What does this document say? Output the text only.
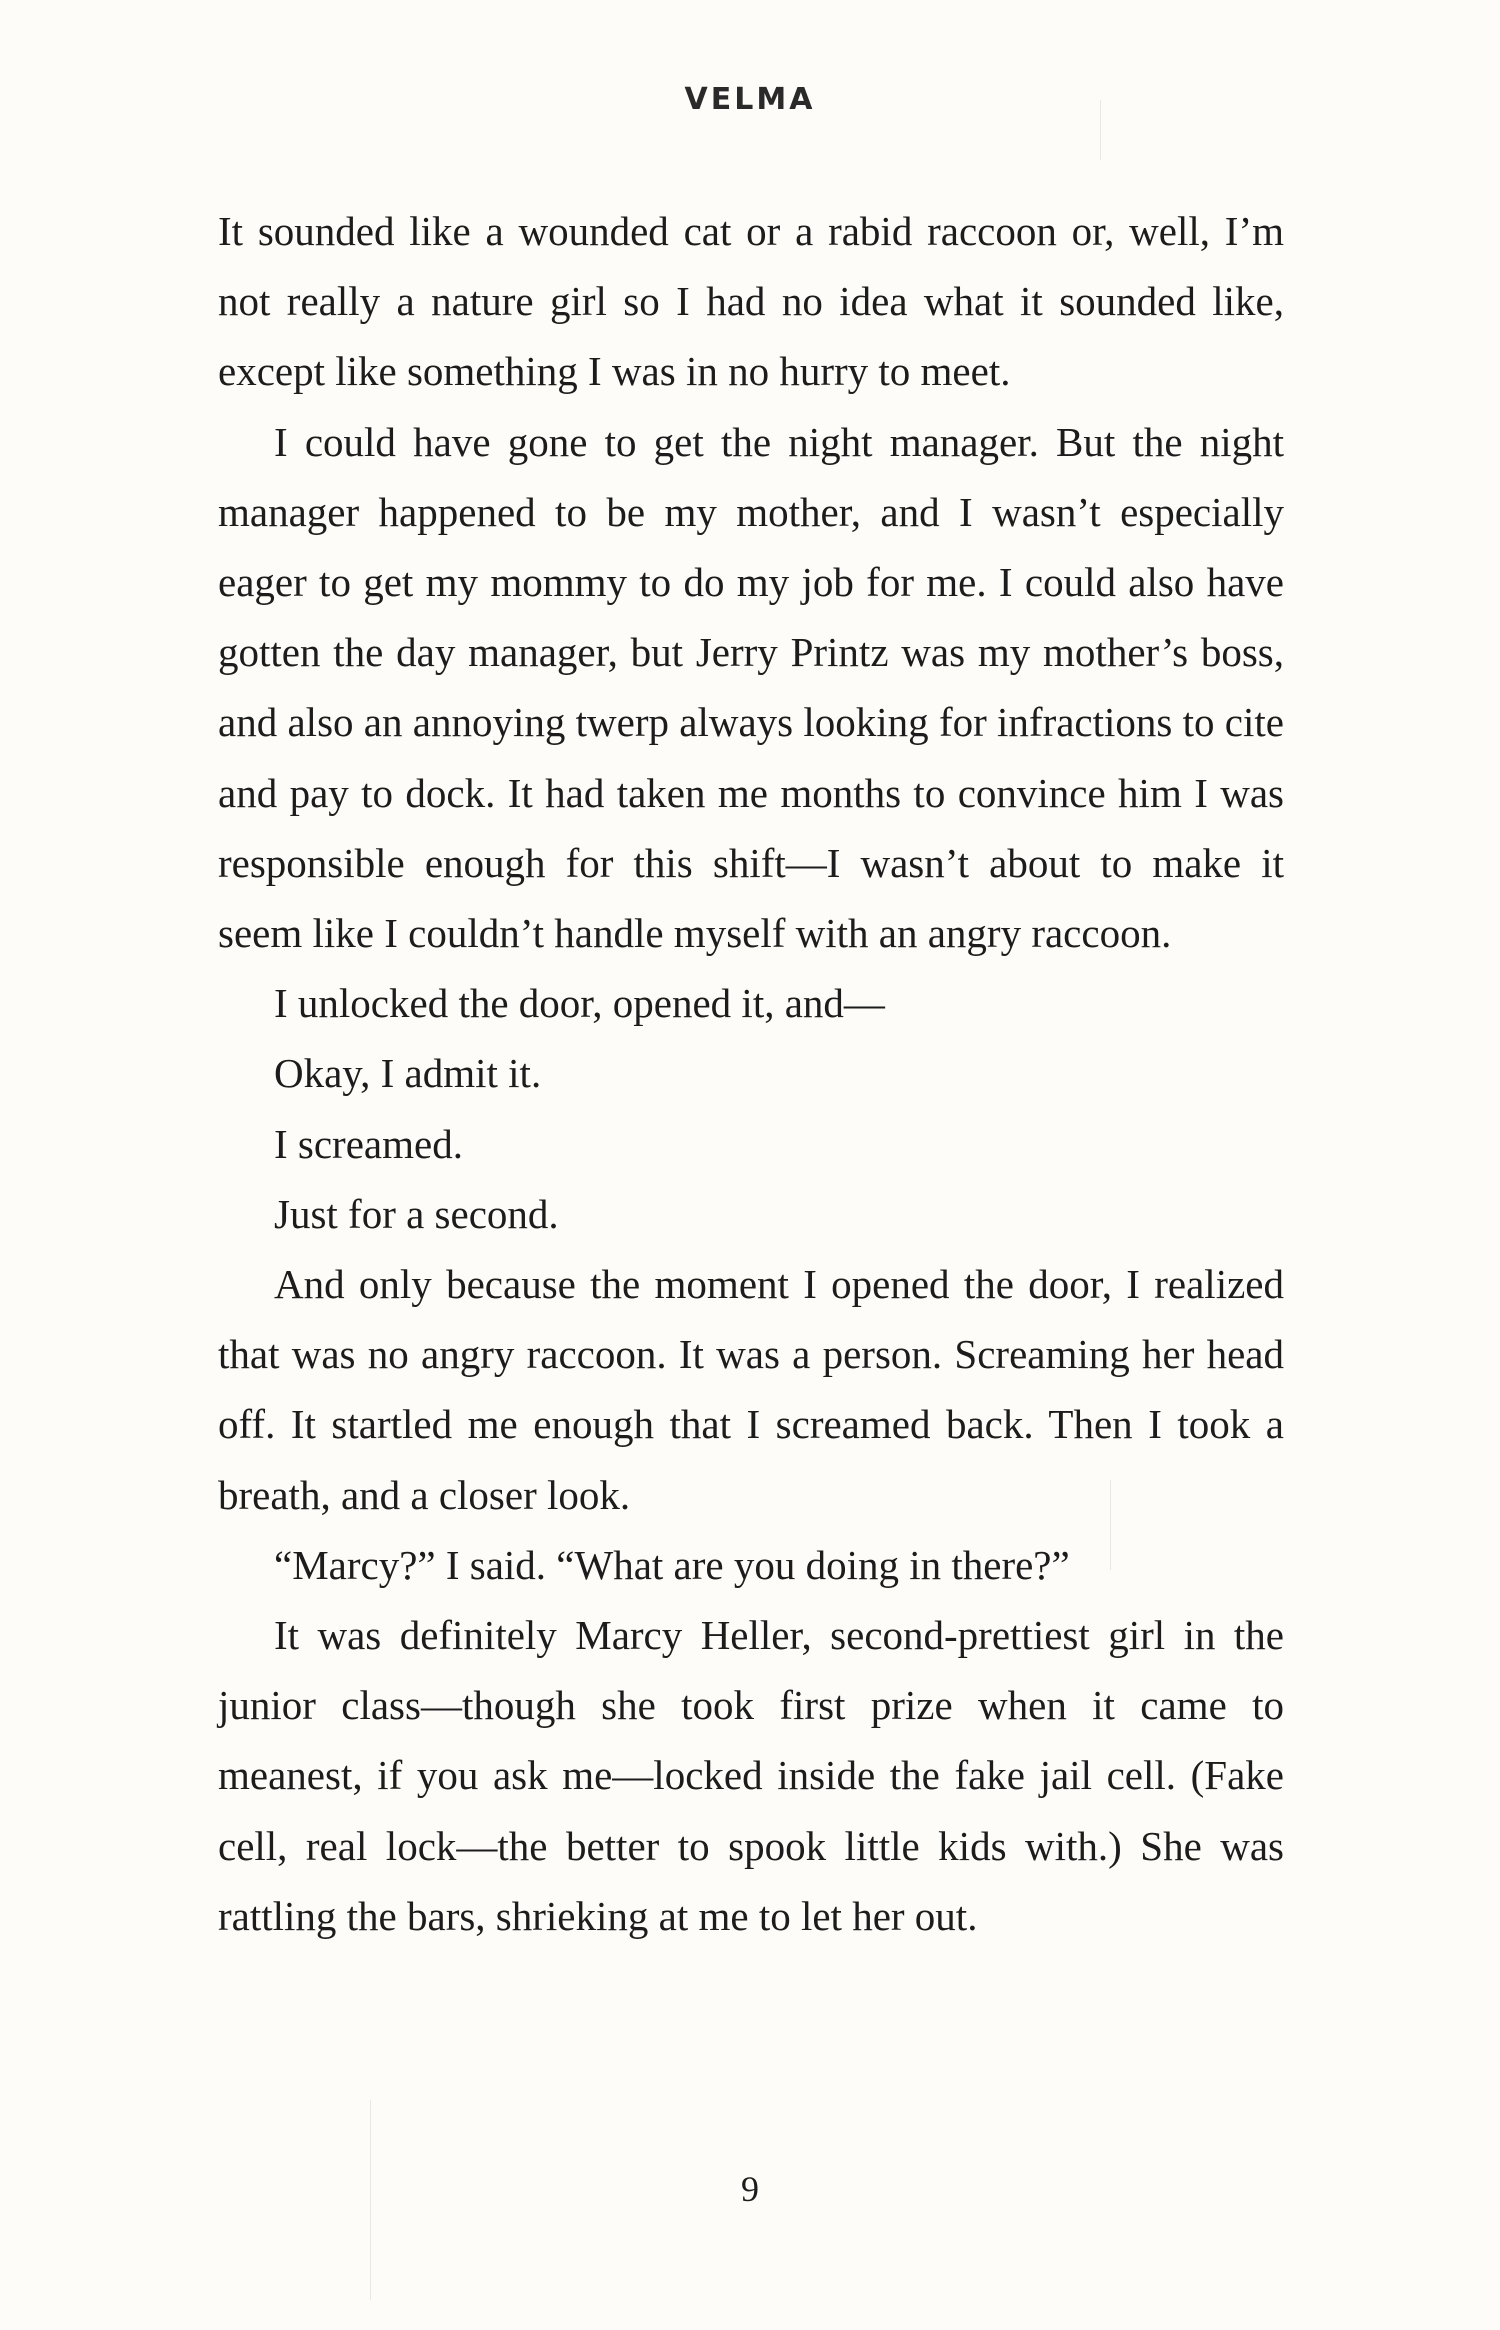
VELMA

It sounded like a wounded cat or a rabid raccoon or, well, I’m not really a nature girl so I had no idea what it sounded like, except like something I was in no hurry to meet.

I could have gone to get the night manager. But the night manager happened to be my mother, and I wasn’t especially eager to get my mommy to do my job for me. I could also have gotten the day manager, but Jerry Printz was my mother’s boss, and also an annoying twerp always looking for infractions to cite and pay to dock. It had taken me months to convince him I was responsible enough for this shift—I wasn’t about to make it seem like I couldn’t handle myself with an angry raccoon.

I unlocked the door, opened it, and—

Okay, I admit it.

I screamed.

Just for a second.

And only because the moment I opened the door, I realized that was no angry raccoon. It was a person. Screaming her head off. It startled me enough that I screamed back. Then I took a breath, and a closer look.

“Marcy?” I said. “What are you doing in there?”

It was definitely Marcy Heller, second-prettiest girl in the junior class—though she took first prize when it came to meanest, if you ask me—locked inside the fake jail cell. (Fake cell, real lock—the better to spook little kids with.) She was rattling the bars, shrieking at me to let her out.

9
